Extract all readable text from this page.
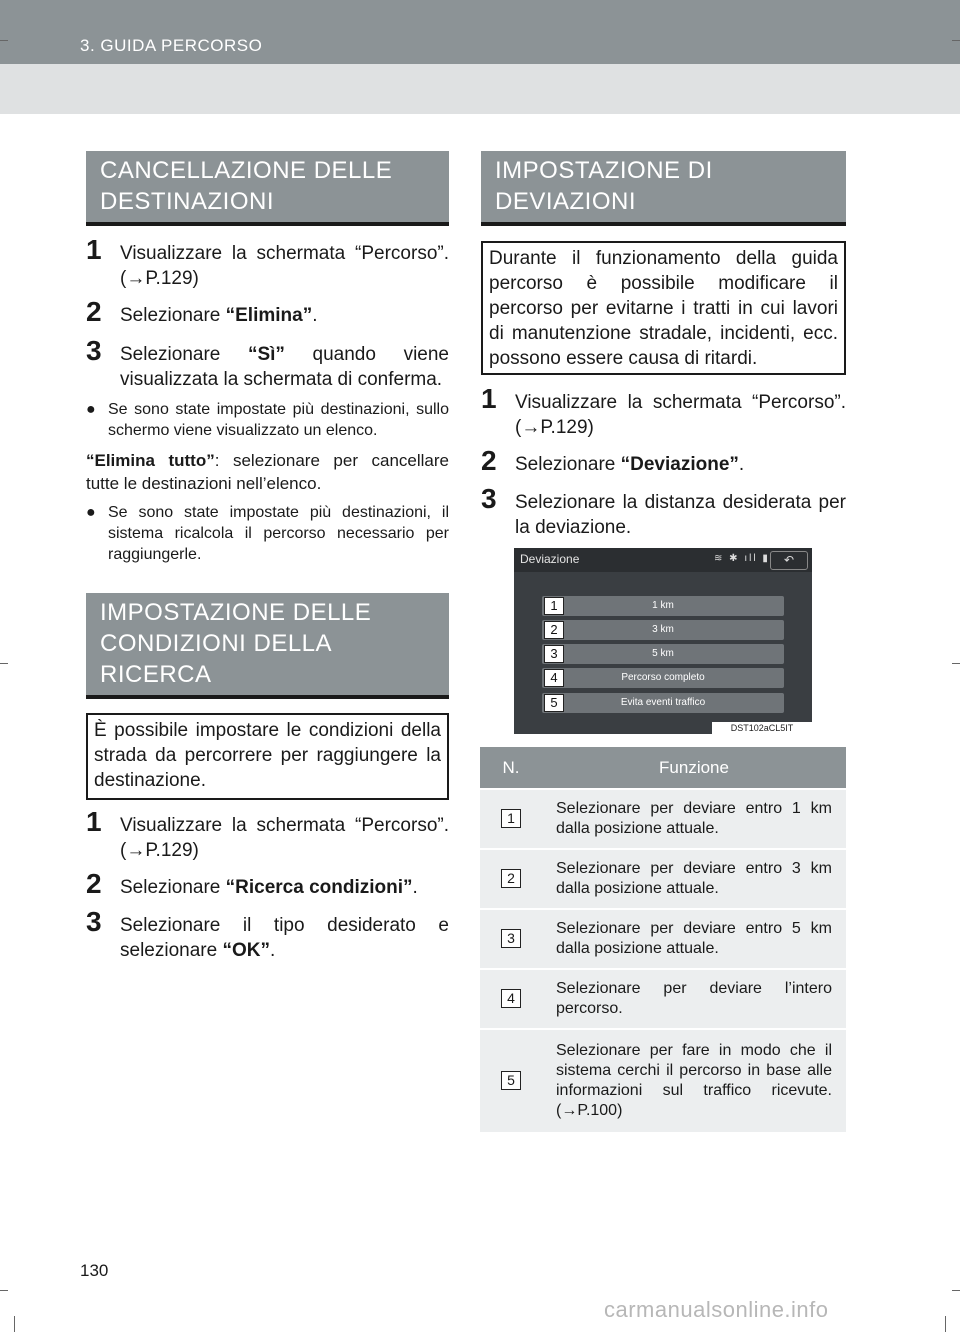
3. GUIDA PERCORSO
CANCELLAZIONE DELLE
DESTINAZIONI
1 Visualizzare la schermata “Percorso”. (→P.129)
2 Selezionare “Elimina”.
3 Selezionare “Sì” quando viene visualizzata la schermata di conferma.
● Se sono state impostate più destinazioni, sullo schermo viene visualizzato un elenco.
“Elimina tutto”: selezionare per cancellare tutte le destinazioni nell’elenco.
● Se sono state impostate più destinazioni, il sistema ricalcola il percorso necessario per raggiungerle.
IMPOSTAZIONE DELLE
CONDIZIONI DELLA
RICERCA
È possibile impostare le condizioni della strada da percorrere per raggiungere la destinazione.
1 Visualizzare la schermata “Percorso”. (→P.129)
2 Selezionare “Ricerca condizioni”.
3 Selezionare il tipo desiderato e selezionare “OK”.
IMPOSTAZIONE DI
DEVIAZIONI
Durante il funzionamento della guida percorso è possibile modificare il percorso per evitarne i tratti in cui lavori di manutenzione stradale, incidenti, ecc. possono essere causa di ritardi.
1 Visualizzare la schermata “Percorso”. (→P.129)
2 Selezionare “Deviazione”.
3 Selezionare la distanza desiderata per la deviazione.
Deviazione	≋ ✱ ıll ▮	↶
1 km
3 km
5 km
Percorso completo
Evita eventi traffico
1
2
3
4
5
DST102aCL5IT
N.	Funzione
1	Selezionare per deviare entro 1 km dalla posizione attuale.
2	Selezionare per deviare entro 3 km dalla posizione attuale.
3	Selezionare per deviare entro 5 km dalla posizione attuale.
4	Selezionare per deviare l’intero percorso.
5	Selezionare per fare in modo che il sistema cerchi il percorso in base alle informazioni sul traffico ricevute. (→P.100)
130
carmanualsonline.info
